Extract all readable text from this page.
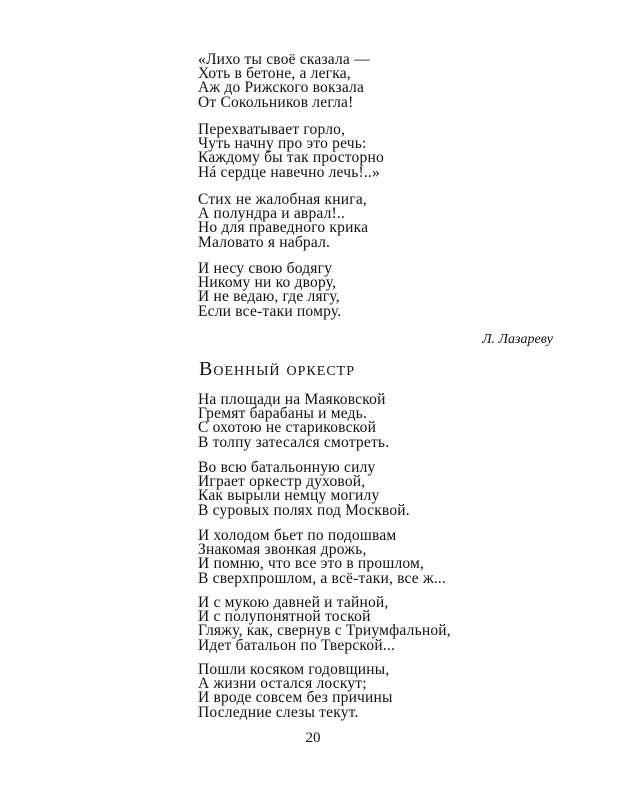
«Лихо ты своё сказала —
Хоть в бетоне, а легка,
Аж до Рижского вокзала
От Сокольников легла!
Перехватывает горло,
Чуть начну про это речь:
Каждому бы так просторно
Нá сердце навечно лечь!..»
Стих не жалобная книга,
А полундра и аврал!..
Но для праведного крика
Маловато я набрал.
И несу свою бодягу
Никому ни ко двору,
И не ведаю, где лягу,
Если все-таки помру.
Л. Лазаревy
Военный оркестр
На площади на Маяковской
Гремят барабаны и медь.
С охотою не стариковской
В толпу затесался смотреть.
Во всю батальонную силу
Играет оркестр духовой,
Как вырыли немцу могилу
В суровых полях под Москвой.
И холодом бьет по подошвам
Знакомая звонкая дрожь,
И помню, что все это в прошлом,
В сверхпрошлом, а всё-таки, все ж...
И с мукою давней и тайной,
И с полупонятной тоской
Гляжу, как, свернув с Триумфальной,
Идет батальон по Тверской...
Пошли косяком годовщины,
А жизни остался лоскут;
И вроде совсем без причины
Последние слезы текут.
20
